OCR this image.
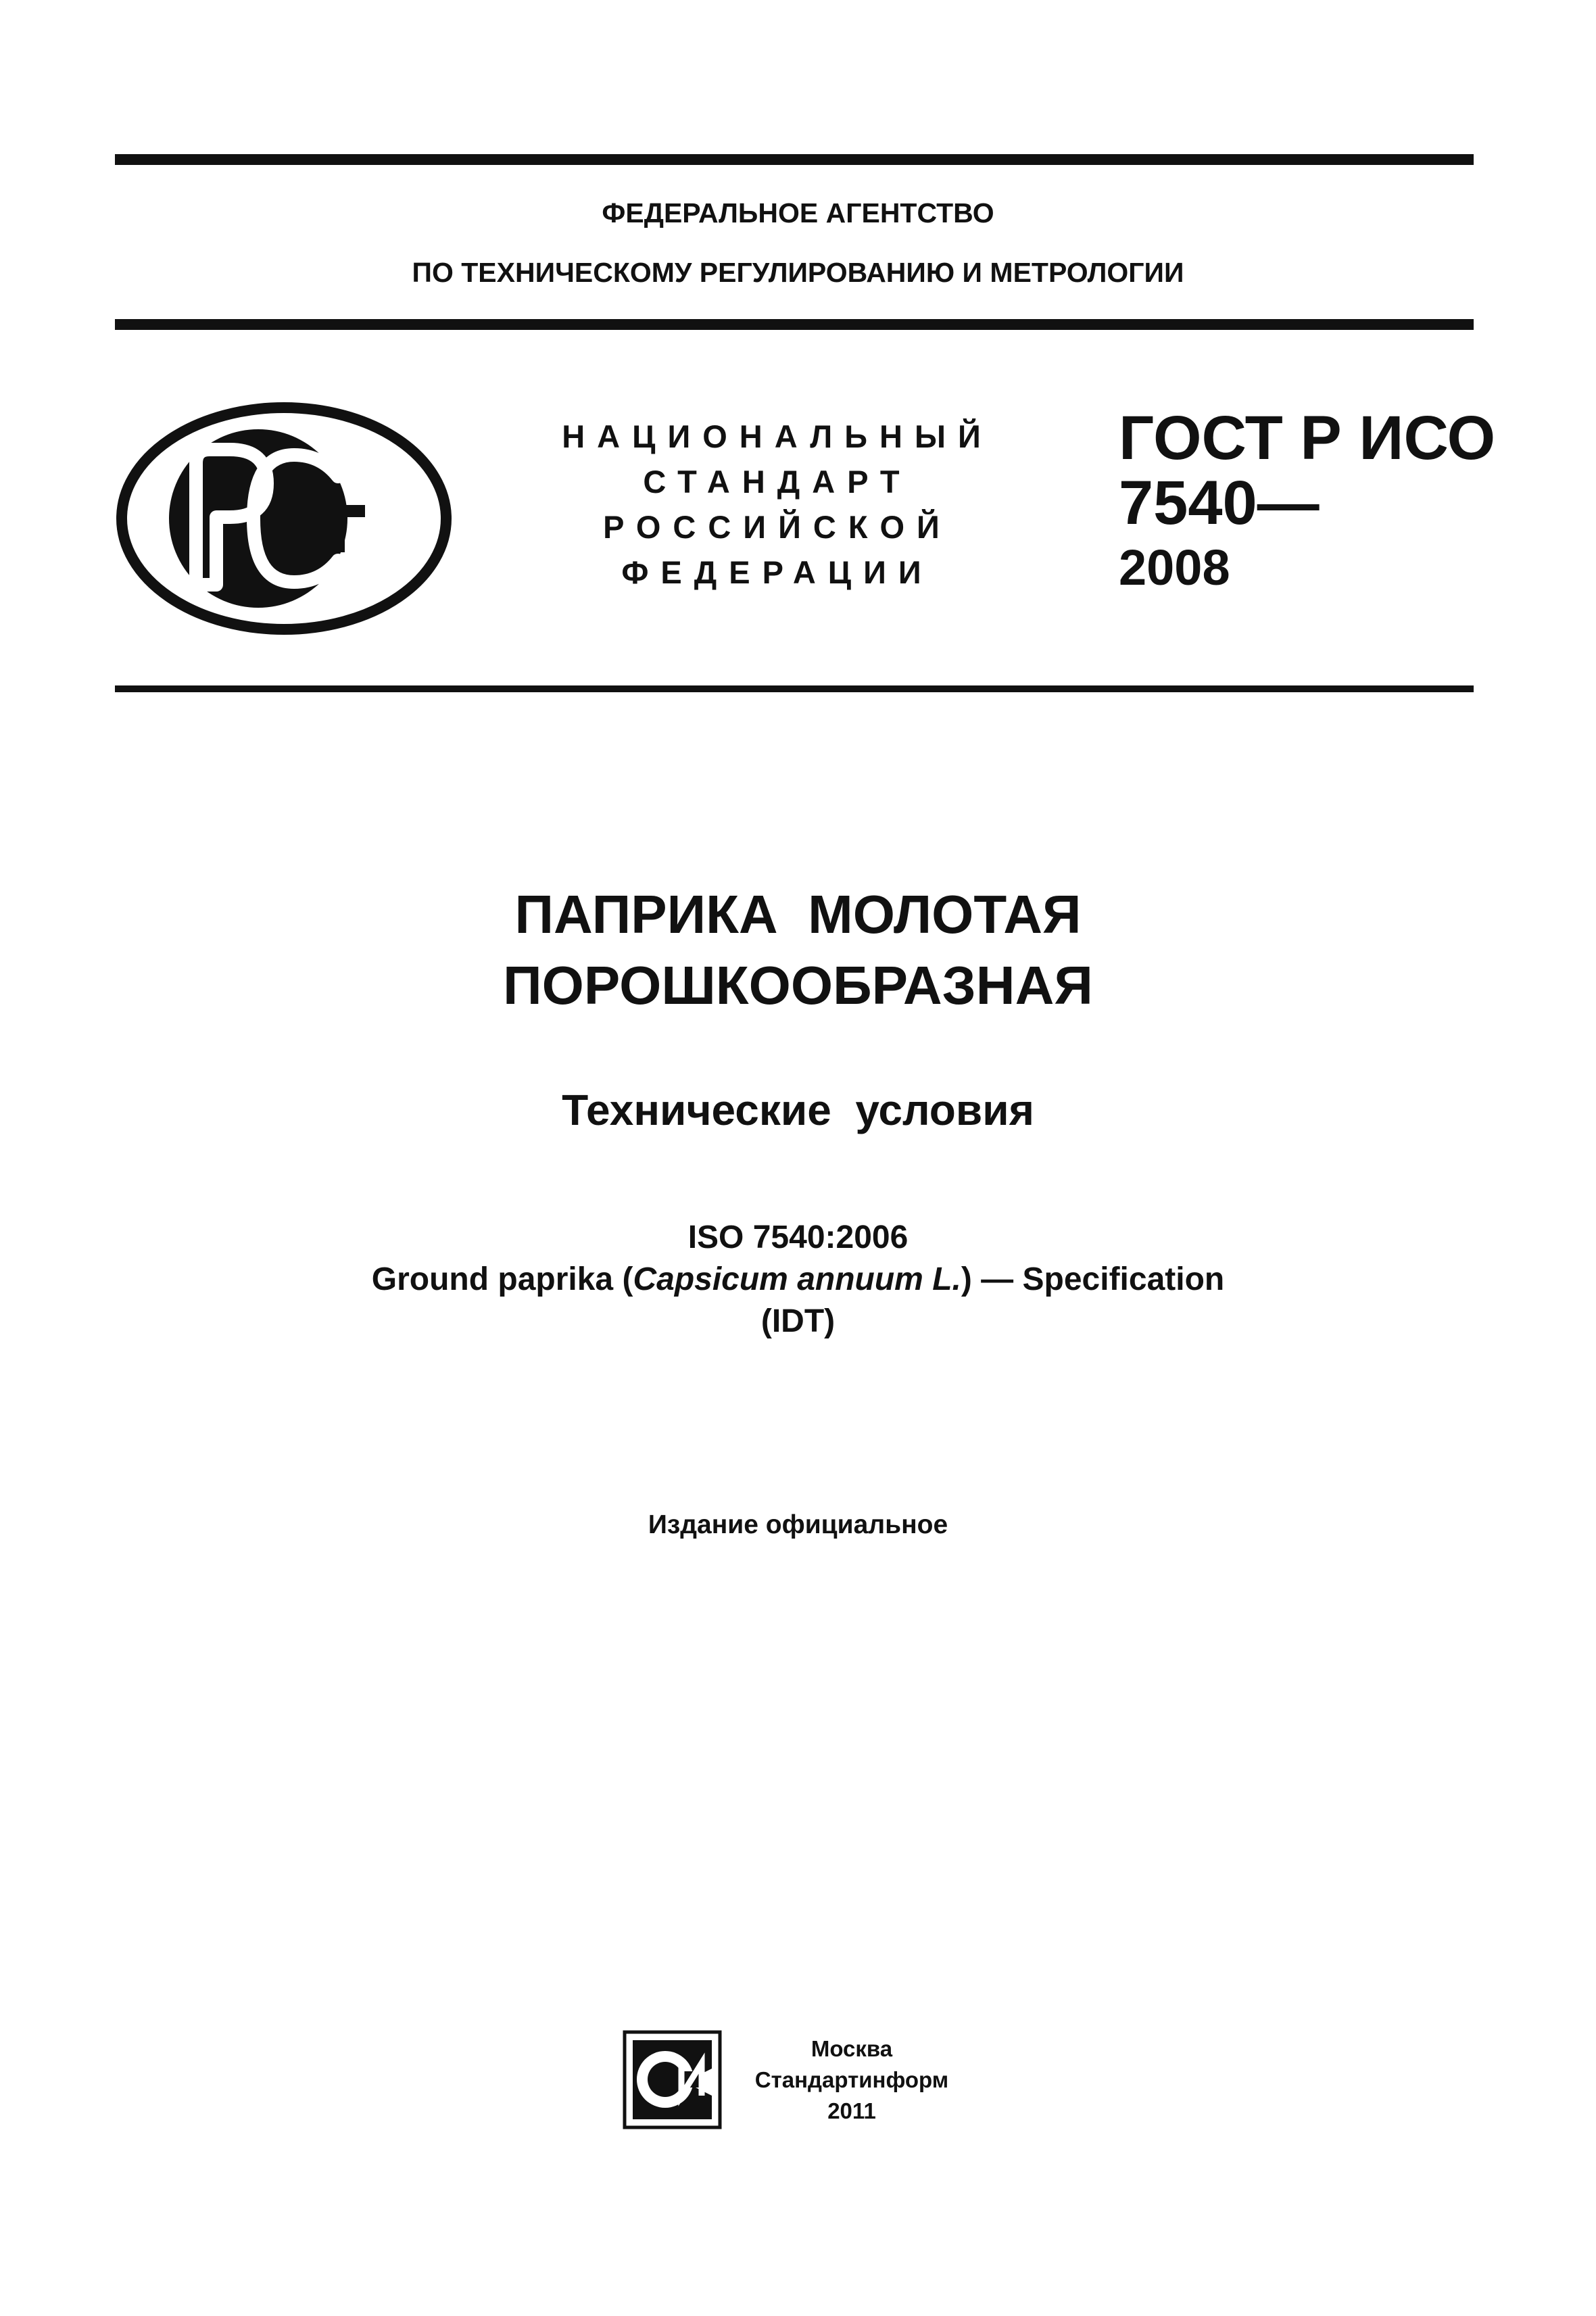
ФЕДЕРАЛЬНОЕ АГЕНТСТВО
ПО ТЕХНИЧЕСКОМУ РЕГУЛИРОВАНИЮ И МЕТРОЛОГИИ
НАЦИОНАЛЬНЫЙ
СТАНДАРТ
РОССИЙСКОЙ
ФЕДЕРАЦИИ
ГОСТ Р ИСО
7540—
2008
ПАПРИКА  МОЛОТАЯ
ПОРОШКООБРАЗНАЯ
Технические  условия
ISO 7540:2006
Ground paprika (Capsicum annuum L.) — Specification
(IDT)
Издание официальное
Москва
Стандартинформ
2011
